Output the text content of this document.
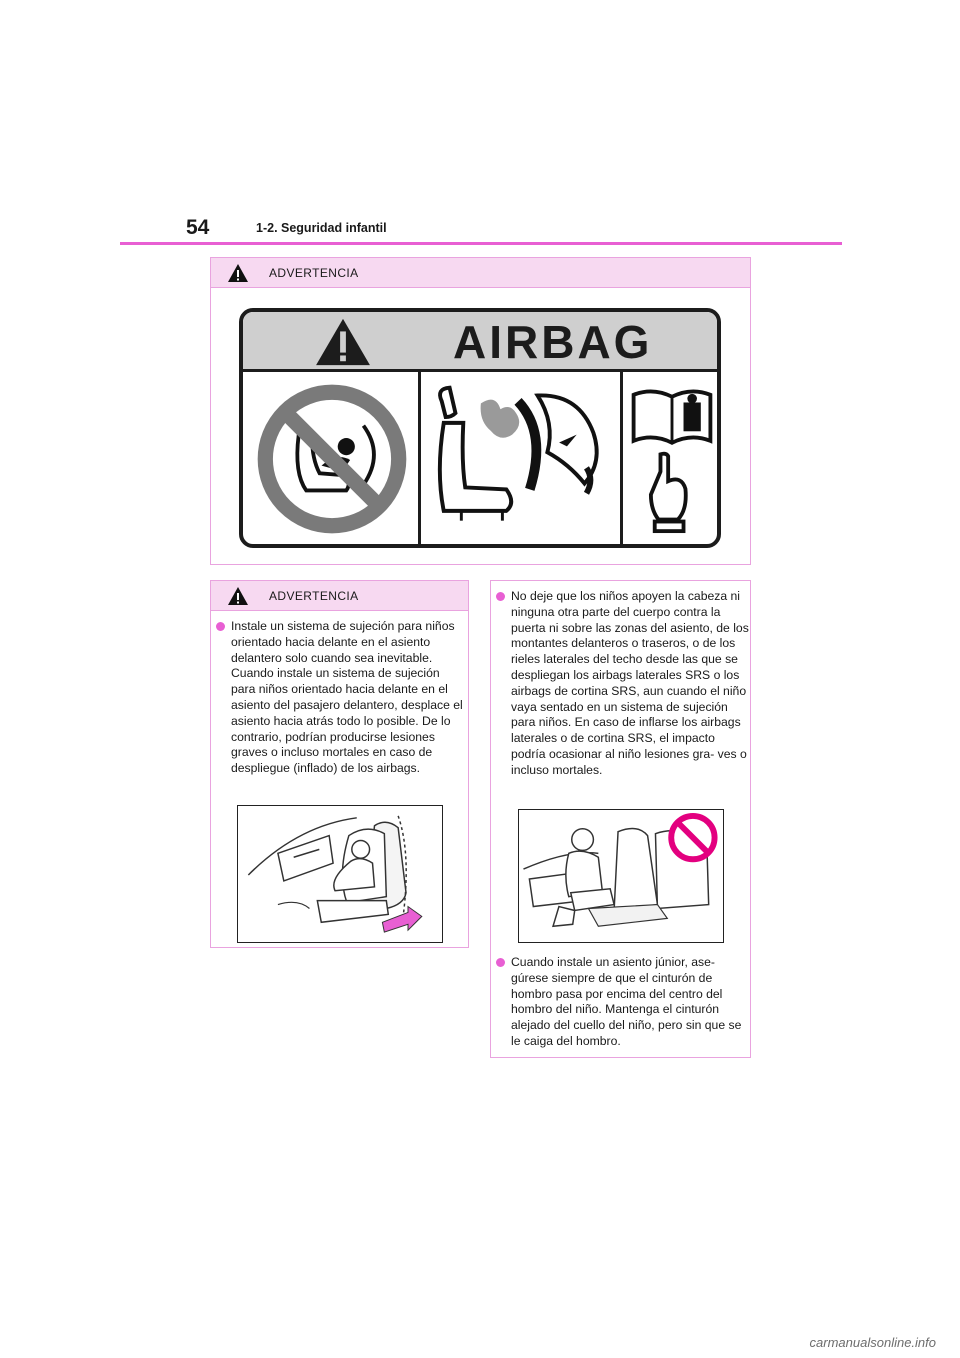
54	1-2. Seguridad infantil
ADVERTENCIA
AIRBAG
ADVERTENCIA
Instale un sistema de sujeción para niños orientado hacia delante en el asiento delantero solo cuando sea inevitable. Cuando instale un sistema de sujeción para niños orientado hacia delante en el asiento del pasajero delantero, desplace el asiento hacia atrás todo lo posible. De lo contrario, podrían producirse lesiones graves o incluso mortales en caso de despliegue (inflado) de los airbags.
No deje que los niños apoyen la cabeza ni ninguna otra parte del cuerpo contra la puerta ni sobre las zonas del asiento, de los montantes delanteros o traseros, o de los rieles laterales del techo desde las que se despliegan los airbags laterales SRS o los airbags de cortina SRS, aun cuando el niño vaya sentado en un sistema de sujeción para niños. En caso de inflarse los airbags laterales o de cortina SRS, el impacto podría ocasionar al niño lesiones gra- ves o incluso mortales.
Cuando instale un asiento júnior, ase- gúrese siempre de que el cinturón de hombro pasa por encima del centro del hombro del niño. Mantenga el cinturón alejado del cuello del niño, pero sin que se le caiga del hombro.
carmanualsonline.info
